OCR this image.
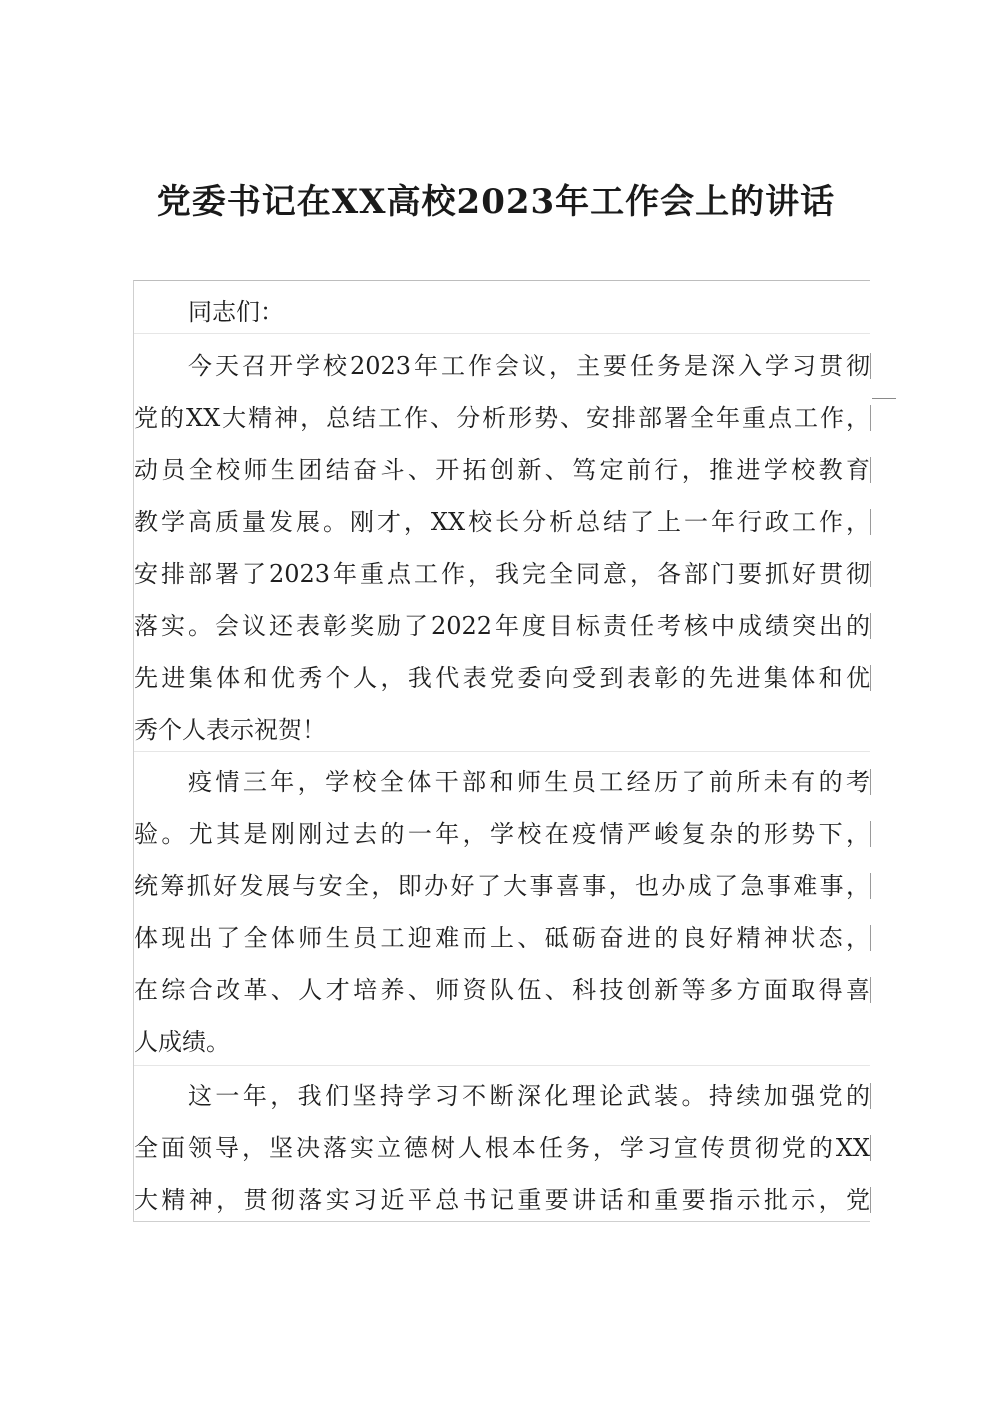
党委书记在XX高校2023年工作会上的讲话
同志们：
今天召开学校2023年工作会议，主要任务是深入学习贯彻
党的XX大精神，总结工作、分析形势、安排部署全年重点工作，
动员全校师生团结奋斗、开拓创新、笃定前行，推进学校教育
教学高质量发展。刚才，XX校长分析总结了上一年行政工作，
安排部署了2023年重点工作，我完全同意，各部门要抓好贯彻
落实。会议还表彰奖励了2022年度目标责任考核中成绩突出的
先进集体和优秀个人，我代表党委向受到表彰的先进集体和优
秀个人表示祝贺！
疫情三年，学校全体干部和师生员工经历了前所未有的考
验。尤其是刚刚过去的一年，学校在疫情严峻复杂的形势下，
统筹抓好发展与安全，即办好了大事喜事，也办成了急事难事，
体现出了全体师生员工迎难而上、砥砺奋进的良好精神状态，
在综合改革、人才培养、师资队伍、科技创新等多方面取得喜
人成绩。
这一年，我们坚持学习不断深化理论武装。持续加强党的
全面领导，坚决落实立德树人根本任务，学习宣传贯彻党的XX
大精神，贯彻落实习近平总书记重要讲话和重要指示批示，党
